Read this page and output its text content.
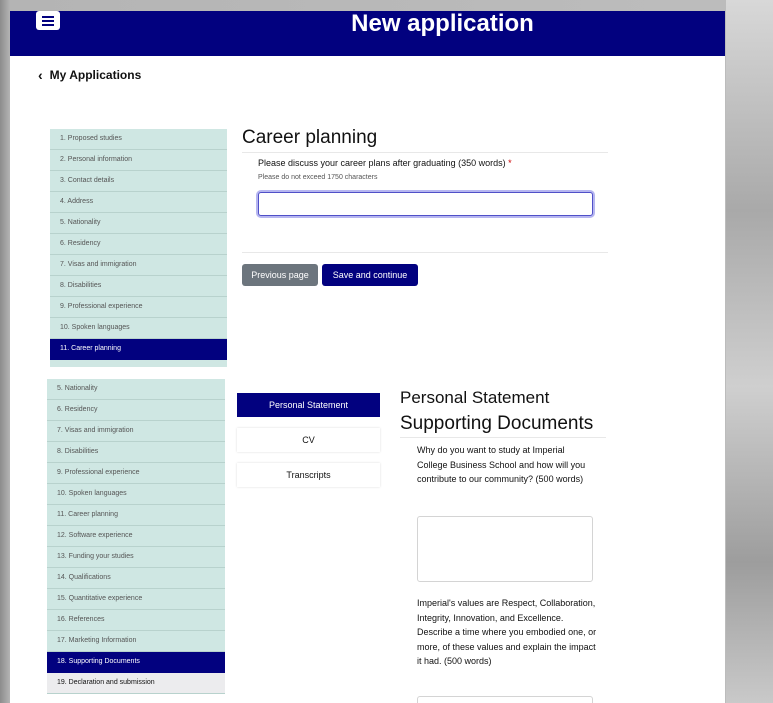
New application
‹ My Applications
1. Proposed studies
2. Personal information
3. Contact details
4. Address
5. Nationality
6. Residency
7. Visas and immigration
8. Disabilities
9. Professional experience
10. Spoken languages
11. Career planning
Career planning
Please discuss your career plans after graduating (350 words) *
Please do not exceed 1750 characters
Previous page	Save and continue
5. Nationality
6. Residency
7. Visas and immigration
8. Disabilities
9. Professional experience
10. Spoken languages
11. Career planning
12. Software experience
13. Funding your studies
14. Qualifications
15. Quantitative experience
16. References
17. Marketing Information
18. Supporting Documents
19. Declaration and submission
Personal Statement
CV
Transcripts
Personal Statement
Supporting Documents
Why do you want to study at Imperial College Business School and how will you contribute to our community? (500 words)
Imperial's values are Respect, Collaboration, Integrity, Innovation, and Excellence. Describe a time where you embodied one, or more, of these values and explain the impact it had. (500 words)
